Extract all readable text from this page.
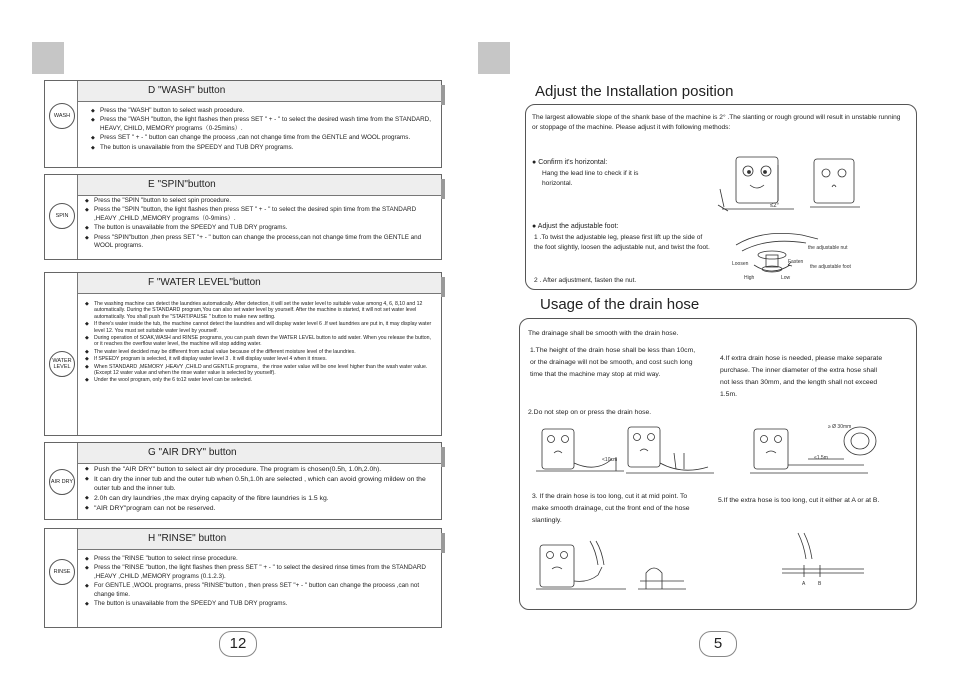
WASH
D "WASH" button
◆ Press the "WASH" button to select wash procedure.
◆ Press the "WASH "button, the light flashes then press SET " + - " to select the desired wash time from the STANDARD, HEAVY, CHILD, MEMORY programs（0-25mins）.
◆ Press SET " + - " button can change the process ,can not change time from the GENTLE and WOOL programs.
◆ The button is unavailable from the SPEEDY and TUB DRY programs.
SPIN
E "SPIN"button
◆ Press the "SPIN "button to select spin procedure.
◆ Press the "SPIN "button, the light flashes then press SET " + - " to select the desired spin time from the STANDARD ,HEAVY ,CHILD ,MEMORY programs（0-9mins）.
◆ The button is unavailable from the SPEEDY and TUB DRY programs.
◆ Press "SPIN"button ,then press SET "+ - " button can change the process,can not change time from the GENTLE and WOOL programs.
WATER LEVEL
F "WATER LEVEL"button
◆ The washing machine can detect the laundries automatically. After detection, it will set the water level to suitable value among 4, 6, 8,10 and 12 automatically. During the STANDARD program,You can also set water level by yourself. After the machine is started, it will not set water level automatically. You shall push the "START/PAUSE " button to make new setting.
◆ If there's water inside the tub, the machine cannot detect the laundries and will display water level 6 .If wet laundries are put in, it may display water level 12. You must set suitable water level by yourself.
◆ During operation of SOAK,WASH and RINSE programs, you can push down the WATER LEVEL button to add water. When you release the button, or it reaches the overflow water level, the machine will stop adding water.
◆ The water level decided may be different from actual value because of the different moisture level of the laundries.
◆ If SPEEDY program is selected, it will display water level 3 . It will display water level 4 when it rinses.
◆ When STANDARD ,MEMORY ,HEAVY ,CHILD and GENTLE programs，the rinse water value will be one level higher than the wash water value.(Except 12 water value and when the rinse water value is selected by yourself).
◆ Under the wool program, only the 6 to12 water level can be selected.
AIR DRY
G "AIR DRY" button
◆ Push the "AIR DRY" button to select air dry procedure. The program is chosen(0.5h, 1.0h,2.0h).
◆ It can dry the inner tub and the outer tub when 0.5h,1.0h are selected , which can avoid growing mildew on the outer tub and the inner tub.
◆ 2.0h can dry laundries ,the max drying capacity of the fibre laundries is 1.5 kg.
◆ "AIR DRY"program can not be reserved.
RINSE
H "RINSE" button
◆ Press the "RINSE "button to select rinse procedure.
◆ Press the "RINSE "button, the light flashes then press SET " + - " to select the desired rinse times from the STANDARD ,HEAVY ,CHILD ,MEMORY programs (0.1.2.3).
◆ For GENTLE ,WOOL programs, press "RINSE"button , then press SET "+ - " button can change the process ,can not change time.
◆ The button is unavailable from the SPEEDY and TUB DRY programs.
12
Adjust the Installation position
The largest allowable slope of the shank base of the machine is 2° .The slanting or rough ground will result in unstable running or stoppage of the machine. Please adjust it with following methods:
● Confirm it's horizontal:
Hang the lead line to check if it is horizontal.
≤2°
● Adjust the adjustable foot:
1 .To twist the adjustable leg, please first lift up the side of the foot slightly, loosen the adjustable nut, and twist the foot.
2 . After adjustment, fasten the nut.
the adjustable nut
Loosen	Fasten
the adjustable foot
High	Low
Usage of the drain hose
The drainage shall be smooth with the drain hose.
1.The height of the drain hose shall be less than 10cm, or the drainage will not be smooth, and cost such long time that the machine may stop at mid way.
2.Do not step on or press the drain hose.
4.If extra drain hose is needed, please make separate purchase. The inner diameter of the extra hose shall not less than 30mm, and the length shall not exceed 1.5m.
<10cm
≥ Ø 30mm
≤1.5m
3. If the drain hose is too long, cut it at mid point. To make smooth drainage, cut the front end of the hose slantingly.
5.If the extra hose is too long, cut it either at A or at B.
A	B
5
